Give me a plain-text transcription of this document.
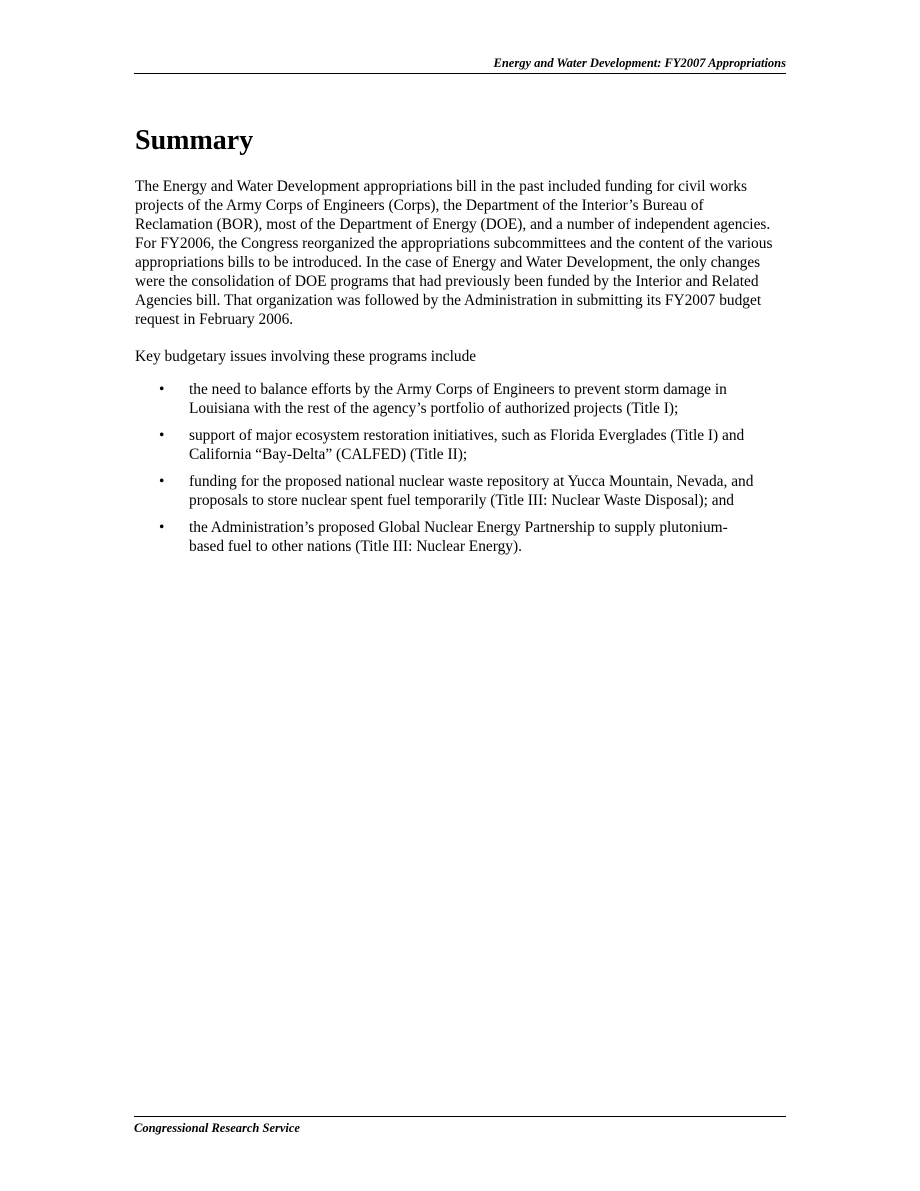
Energy and Water Development: FY2007 Appropriations
Summary

The Energy and Water Development appropriations bill in the past included funding for civil works projects of the Army Corps of Engineers (Corps), the Department of the Interior’s Bureau of Reclamation (BOR), most of the Department of Energy (DOE), and a number of independent agencies. For FY2006, the Congress reorganized the appropriations subcommittees and the content of the various appropriations bills to be introduced. In the case of Energy and Water Development, the only changes were the consolidation of DOE programs that had previously been funded by the Interior and Related Agencies bill. That organization was followed by the Administration in submitting its FY2007 budget request in February 2006.

Key budgetary issues involving these programs include

• the need to balance efforts by the Army Corps of Engineers to prevent storm damage in Louisiana with the rest of the agency’s portfolio of authorized projects (Title I);
• support of major ecosystem restoration initiatives, such as Florida Everglades (Title I) and California “Bay-Delta” (CALFED) (Title II);
• funding for the proposed national nuclear waste repository at Yucca Mountain, Nevada, and proposals to store nuclear spent fuel temporarily (Title III: Nuclear Waste Disposal); and
• the Administration’s proposed Global Nuclear Energy Partnership to supply plutonium-based fuel to other nations (Title III: Nuclear Energy).
Congressional Research Service
